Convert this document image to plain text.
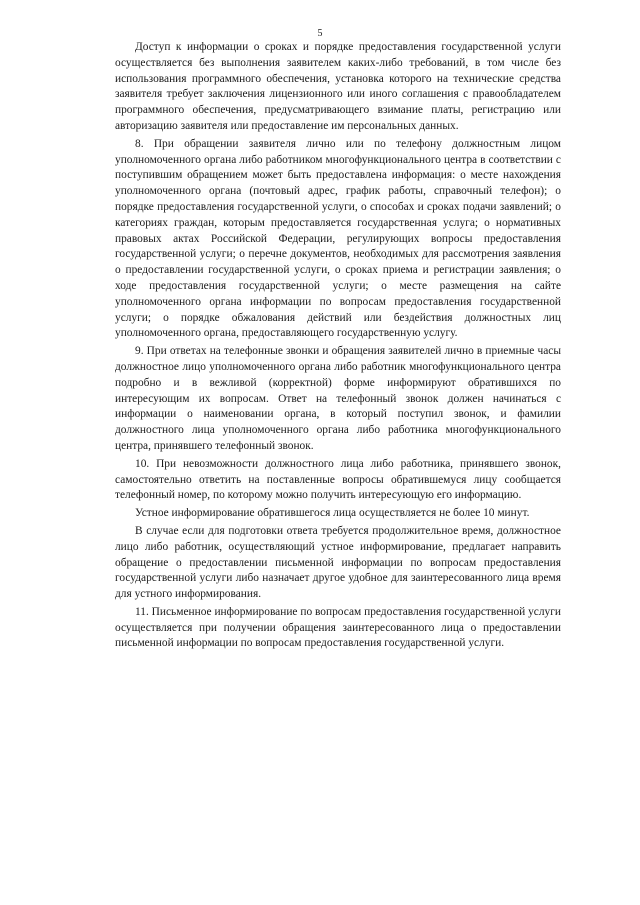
5

Доступ к информации о сроках и порядке предоставления государственной услуги осуществляется без выполнения заявителем каких-либо требований, в том числе без использования программного обеспечения, установка которого на технические средства заявителя требует заключения лицензионного или иного соглашения с правообладателем программного обеспечения, предусматривающего взимание платы, регистрацию или авторизацию заявителя или предоставление им персональных данных.

8. При обращении заявителя лично или по телефону должностным лицом уполномоченного органа либо работником многофункционального центра в соответствии с поступившим обращением может быть предоставлена информация: о месте нахождения уполномоченного органа (почтовый адрес, график работы, справочный телефон); о порядке предоставления государственной услуги, о способах и сроках подачи заявлений; о категориях граждан, которым предоставляется государственная услуга; о нормативных правовых актах Российской Федерации, регулирующих вопросы предоставления государственной услуги; о перечне документов, необходимых для рассмотрения заявления о предоставлении государственной услуги, о сроках приема и регистрации заявления; о ходе предоставления государственной услуги; о месте размещения на сайте уполномоченного органа информации по вопросам предоставления государственной услуги; о порядке обжалования действий или бездействия должностных лиц уполномоченного органа, предоставляющего государственную услугу.

9. При ответах на телефонные звонки и обращения заявителей лично в приемные часы должностное лицо уполномоченного органа либо работник многофункционального центра подробно и в вежливой (корректной) форме информируют обратившихся по интересующим их вопросам. Ответ на телефонный звонок должен начинаться с информации о наименовании органа, в который поступил звонок, и фамилии должностного лица уполномоченного органа либо работника многофункционального центра, принявшего телефонный звонок.

10. При невозможности должностного лица либо работника, принявшего звонок, самостоятельно ответить на поставленные вопросы обратившемуся лицу сообщается телефонный номер, по которому можно получить интересующую его информацию.

Устное информирование обратившегося лица осуществляется не более 10 минут.

В случае если для подготовки ответа требуется продолжительное время, должностное лицо либо работник, осуществляющий устное информирование, предлагает направить обращение о предоставлении письменной информации по вопросам предоставления государственной услуги либо назначает другое удобное для заинтересованного лица время для устного информирования.

11. Письменное информирование по вопросам предоставления государственной услуги осуществляется при получении обращения заинтересованного лица о предоставлении письменной информации по вопросам предоставления государственной услуги.
